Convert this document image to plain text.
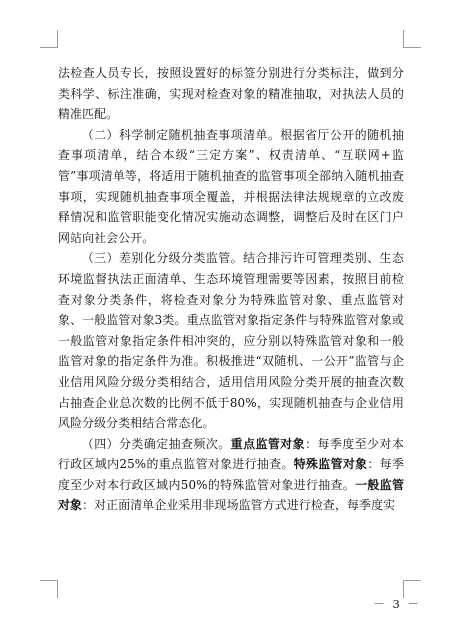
法检查人员专长，按照设置好的标签分别进行分类标注，做到分类科学、标注准确，实现对检查对象的精准抽取，对执法人员的精准匹配。

（二）科学制定随机抽查事项清单。根据省厅公开的随机抽查事项清单，结合本级“三定方案”、权责清单、“互联网+监管”事项清单等，将适用于随机抽查的监管事项全部纳入随机抽查事项，实现随机抽查事项全覆盖，并根据法律法规规章的立改废释情况和监管职能变化情况实施动态调整，调整后及时在区门户网站向社会公开。

（三）差别化分级分类监管。结合排污许可管理类别、生态环境监督执法正面清单、生态环境管理需要等因素，按照目前检查对象分类条件，将检查对象分为特殊监管对象、重点监管对象、一般监管对象3类。重点监管对象指定条件与特殊监管对象或一般监管对象指定条件相冲突的，应分别以特殊监管对象和一般监管对象的指定条件为准。积极推进“双随机、一公开”监管与企业信用风险分级分类相结合，适用信用风险分类开展的抽查次数占抽查企业总次数的比例不低于80%，实现随机抽查与企业信用风险分级分类相结合常态化。

（四）分类确定抽查频次。重点监管对象：每季度至少对本行政区域内25%的重点监管对象进行抽查。特殊监管对象：每季度至少对本行政区域内50%的特殊监管对象进行抽查。一般监管对象：对正面清单企业采用非现场监管方式进行检查，每季度实

－ 3 －
